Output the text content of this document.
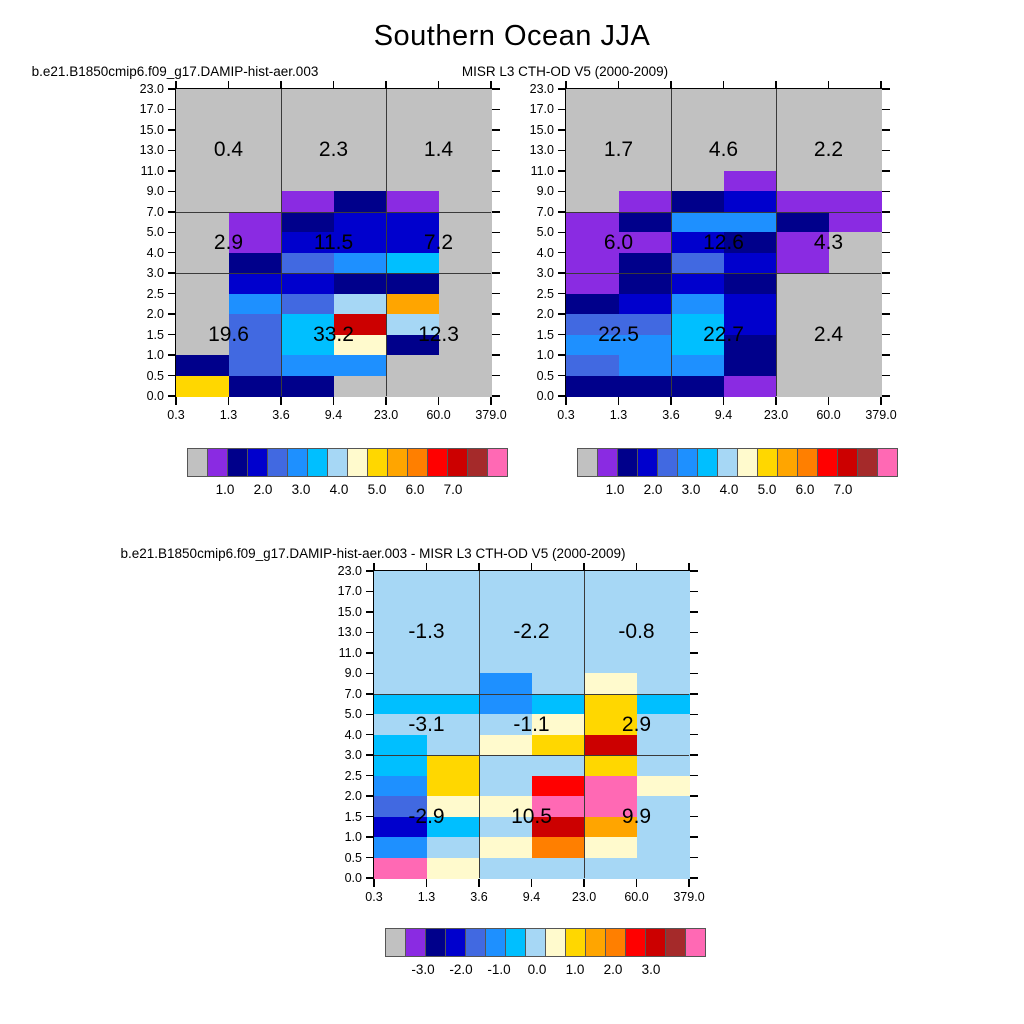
Southern Ocean JJA
b.e21.B1850cmip6.f09_g17.DAMIP-hist-aer.003
23.0
17.0
15.0
13.0
11.0
9.0
7.0
5.0
4.0
3.0
2.5
2.0
1.5
1.0
0.5
0.0
0.3	1.3	3.6	9.4	23.0 60.0 379.0
0.4	2.3	1.4
2.9	11.5	7.2
19.6	33.2	12.3
MISR L3 CTH-OD V5 (2000-2009)
23.0
17.0
15.0
13.0
11.0
9.0
7.0
5.0
4.0
3.0
2.5
2.0
1.5
1.0
0.5
0.0
0.3	1.3	3.6	9.4	23.0 60.0 379.0
1.7	4.6	2.2
6.0	12.6	4.3
22.5	22.7	2.4
b.e21.B1850cmip6.f09_g17.DAMIP-hist-aer.003 - MISR L3 CTH-OD V5 (2000-2009)
23.0
17.0
15.0
13.0
11.0
9.0
7.0
5.0
4.0
3.0
2.5
2.0
1.5
1.0
0.5
0.0
0.3	1.3	3.6	9.4	23.0 60.0 379.0
-1.3	-2.2	-0.8
-3.1	-1.1	2.9
-2.9	10.5	9.9
1.0 2.0 3.0 4.0 5.0 6.0 7.0	1.0 2.0 3.0 4.0 5.0 6.0 7.0
-3.0 -2.0 -1.0 0.0 1.0 2.0 3.0
